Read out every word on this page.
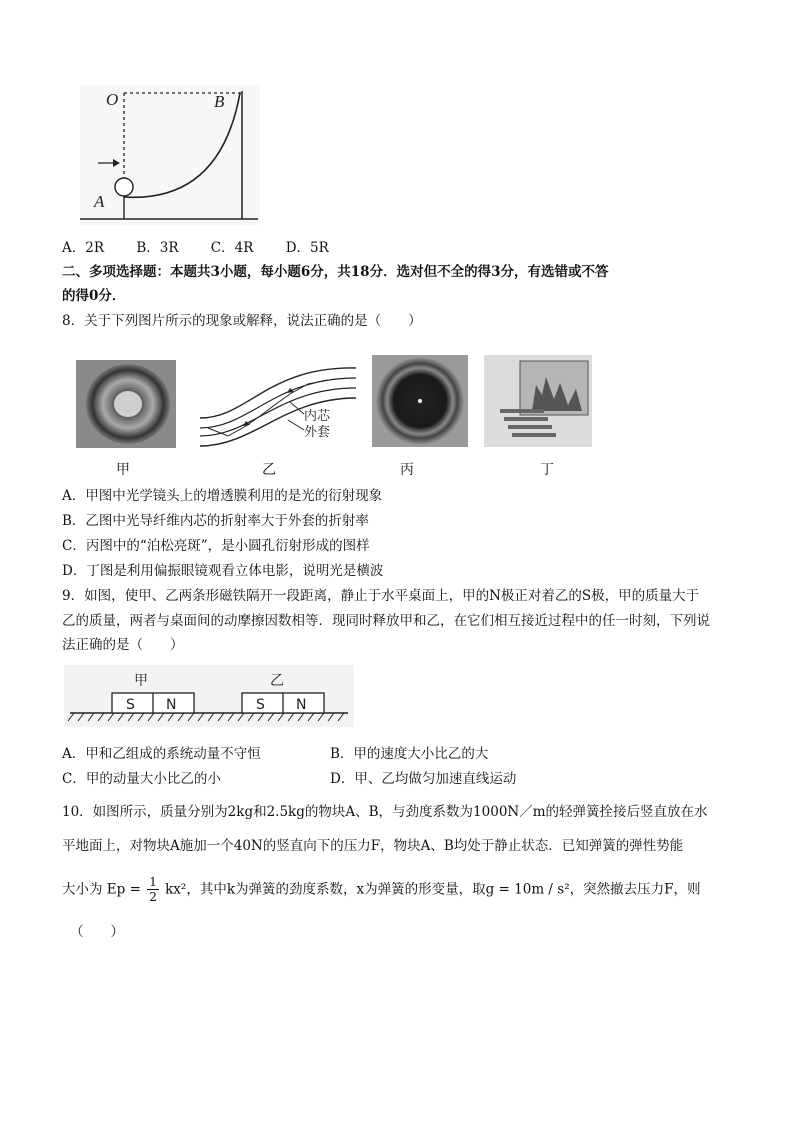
O	B
A
A．2R B．3R C．4R D．5R
二、多项选择题：本题共3小题，每小题6分，共18分．选对但不全的得3分，有选错或不答
的得0分．
8．关于下列图片所示的现象或解释，说法正确的是（　　）
内芯
外套
甲	乙	丙	丁
A．甲图中光学镜头上的增透膜利用的是光的衍射现象
B．乙图中光导纤维内芯的折射率大于外套的折射率
C．丙图中的“泊松亮斑”，是小圆孔衍射形成的图样
D．丁图是利用偏振眼镜观看立体电影，说明光是横波
9．如图，使甲、乙两条形磁铁隔开一段距离，静止于水平桌面上，甲的N极正对着乙的S极，甲的质量大于
乙的质量，两者与桌面间的动摩擦因数相等．现同时释放甲和乙，在它们相互接近过程中的任一时刻，下列说
法正确的是（　　）
S N	S N
甲	乙
A．甲和乙组成的系统动量不守恒	B．甲的速度大小比乙的大
C．甲的动量大小比乙的小	D．甲、乙均做匀加速直线运动
10．如图所示，质量分别为2kg和2.5kg的物块A、B，与劲度系数为1000N／m的轻弹簧拴接后竖直放在水
平地面上，对物块A施加一个40N的竖直向下的压力F，物块A、B均处于静止状态．已知弹簧的弹性势能
大小为 $Ep = \frac{1}{2} kx^2$，其中k为弹簧的劲度系数，x为弹簧的形变量，取g = 10m / s²，突然撤去压力F，则
（　　）
